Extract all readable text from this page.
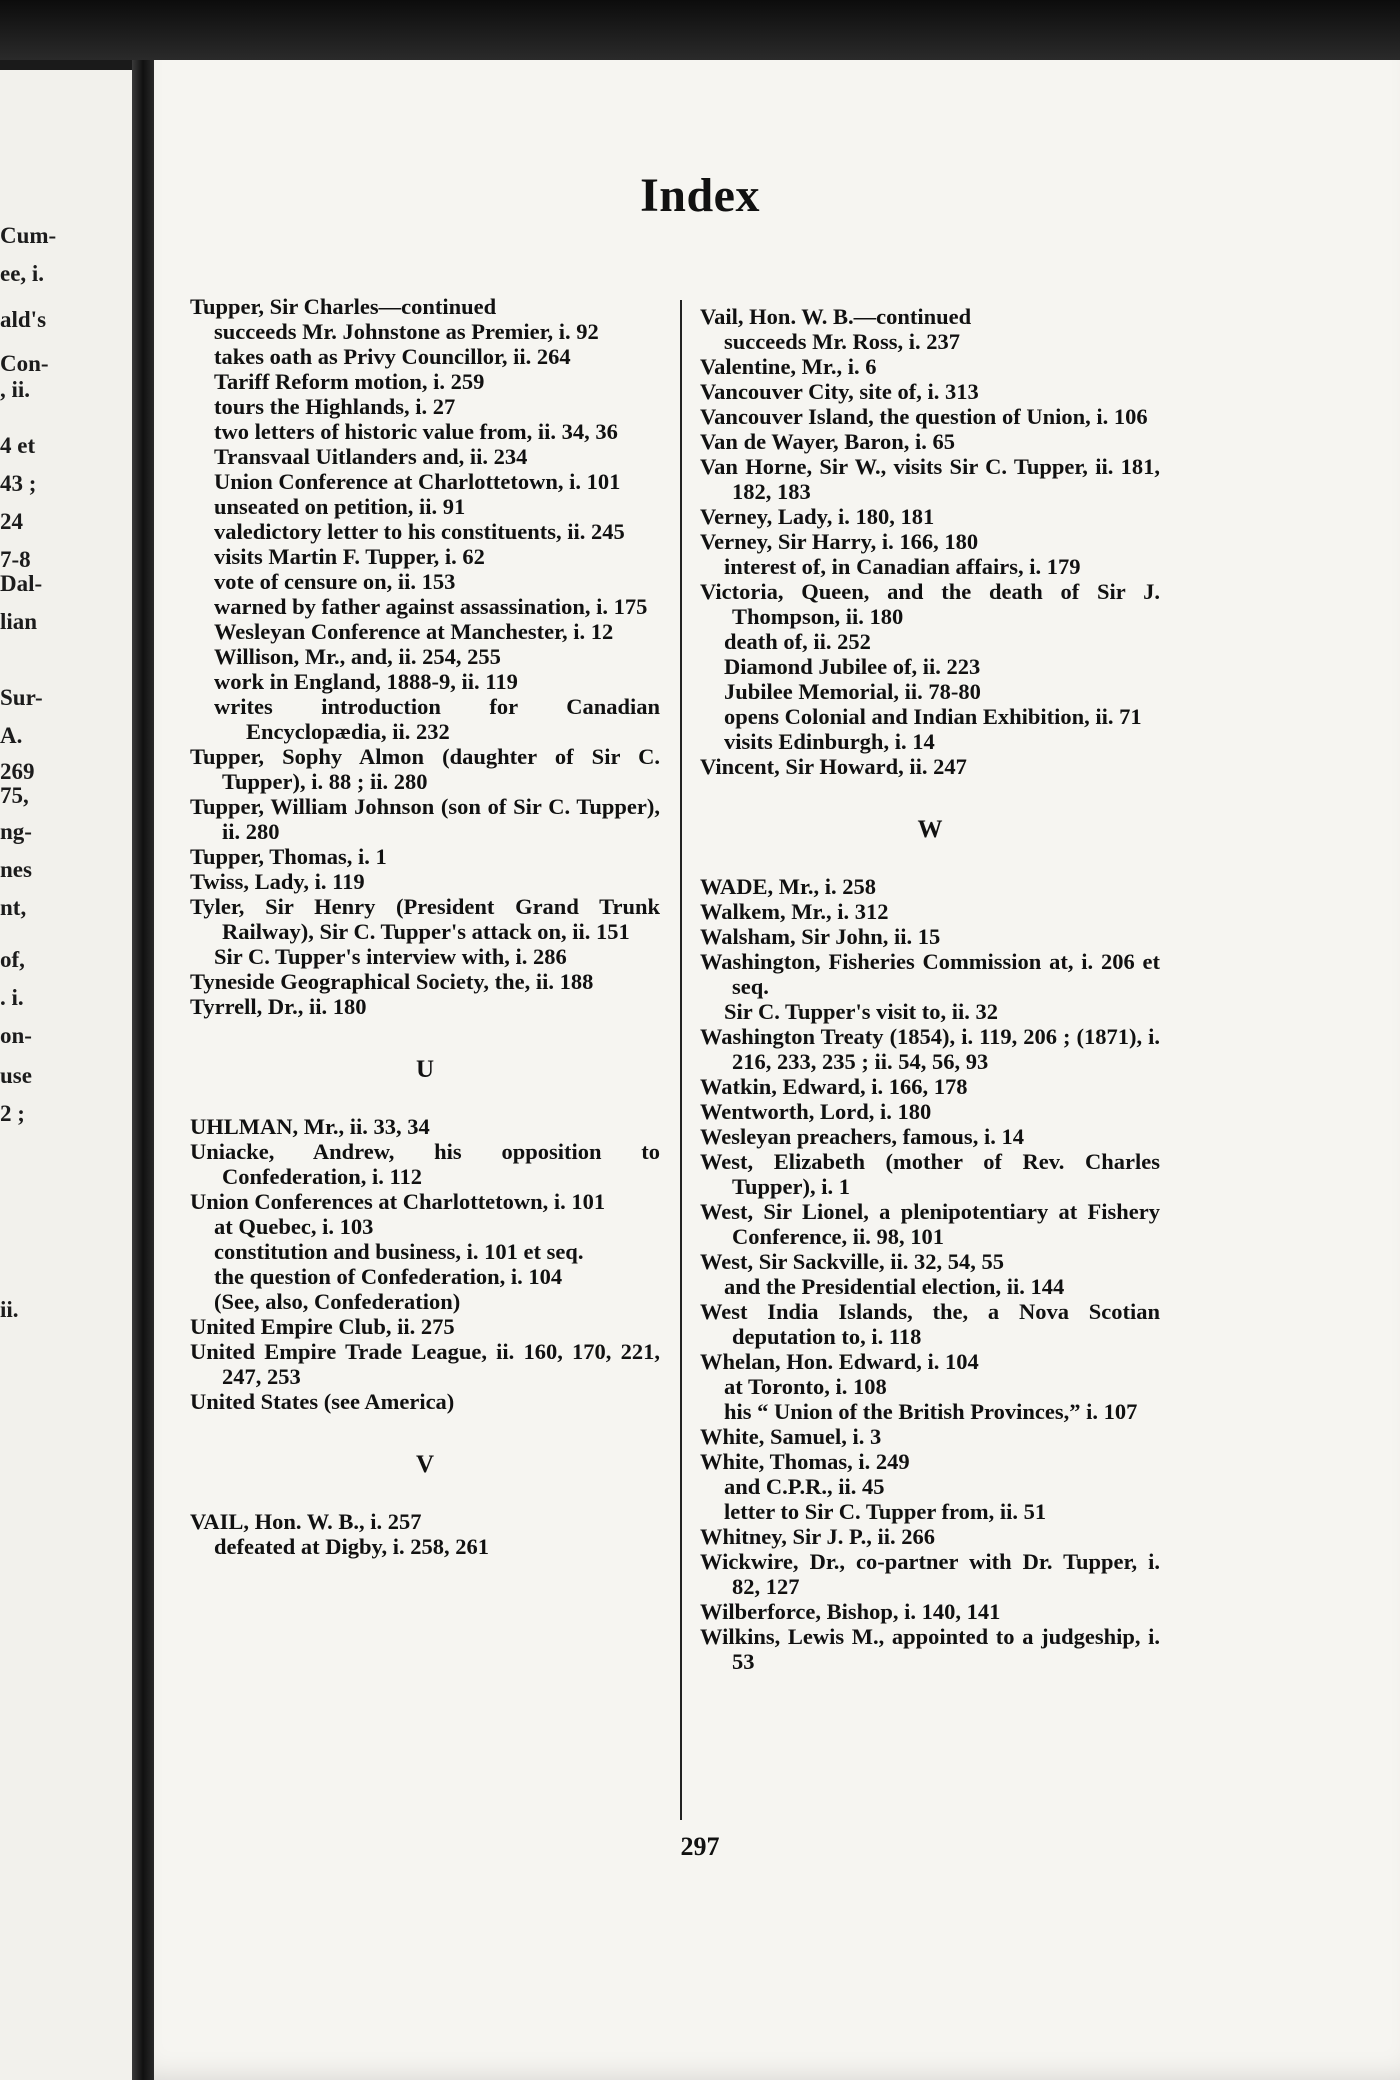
Cum-
ee, i.
ald's
Con-
, ii.
4 et
43 ;
24
7-8
Dal-
lian
Sur-
A.
269
75,
ng-
nes
nt,
of,
. i.
on-
use
2 ;
ii.
Index

Tupper, Sir Charles—continued

succeeds Mr. Johnstone as Premier, i. 92

takes oath as Privy Councillor, ii. 264

Tariff Reform motion, i. 259

tours the Highlands, i. 27

two letters of historic value from, ii. 34, 36

Transvaal Uitlanders and, ii. 234

Union Conference at Charlottetown, i. 101

unseated on petition, ii. 91

valedictory letter to his constituents, ii. 245

visits Martin F. Tupper, i. 62

vote of censure on, ii. 153

warned by father against assassination, i. 175

Wesleyan Conference at Manchester, i. 12

Willison, Mr., and, ii. 254, 255

work in England, 1888-9, ii. 119

writes introduction for Canadian Encyclopædia, ii. 232

Tupper, Sophy Almon (daughter of Sir C. Tupper), i. 88 ; ii. 280

Tupper, William Johnson (son of Sir C. Tupper), ii. 280

Tupper, Thomas, i. 1

Twiss, Lady, i. 119

Tyler, Sir Henry (President Grand Trunk Railway), Sir C. Tupper's attack on, ii. 151

Sir C. Tupper's interview with, i. 286

Tyneside Geographical Society, the, ii. 188

Tyrrell, Dr., ii. 180

U

UHLMAN, Mr., ii. 33, 34

Uniacke, Andrew, his opposition to Confederation, i. 112

Union Conferences at Charlottetown, i. 101

at Quebec, i. 103

constitution and business, i. 101 et seq.

the question of Confederation, i. 104

(See, also, Confederation)

United Empire Club, ii. 275

United Empire Trade League, ii. 160, 170, 221, 247, 253

United States (see America)

V

VAIL, Hon. W. B., i. 257

defeated at Digby, i. 258, 261

Vail, Hon. W. B.—continued

succeeds Mr. Ross, i. 237

Valentine, Mr., i. 6

Vancouver City, site of, i. 313

Vancouver Island, the question of Union, i. 106

Van de Wayer, Baron, i. 65

Van Horne, Sir W., visits Sir C. Tupper, ii. 181, 182, 183

Verney, Lady, i. 180, 181

Verney, Sir Harry, i. 166, 180

interest of, in Canadian affairs, i. 179

Victoria, Queen, and the death of Sir J. Thompson, ii. 180

death of, ii. 252

Diamond Jubilee of, ii. 223

Jubilee Memorial, ii. 78-80

opens Colonial and Indian Exhibition, ii. 71

visits Edinburgh, i. 14

Vincent, Sir Howard, ii. 247

W

WADE, Mr., i. 258

Walkem, Mr., i. 312

Walsham, Sir John, ii. 15

Washington, Fisheries Commission at, i. 206 et seq.

Sir C. Tupper's visit to, ii. 32

Washington Treaty (1854), i. 119, 206 ; (1871), i. 216, 233, 235 ; ii. 54, 56, 93

Watkin, Edward, i. 166, 178

Wentworth, Lord, i. 180

Wesleyan preachers, famous, i. 14

West, Elizabeth (mother of Rev. Charles Tupper), i. 1

West, Sir Lionel, a plenipotentiary at Fishery Conference, ii. 98, 101

West, Sir Sackville, ii. 32, 54, 55

and the Presidential election, ii. 144

West India Islands, the, a Nova Scotian deputation to, i. 118

Whelan, Hon. Edward, i. 104

at Toronto, i. 108

his “ Union of the British Provinces,” i. 107

White, Samuel, i. 3

White, Thomas, i. 249

and C.P.R., ii. 45

letter to Sir C. Tupper from, ii. 51

Whitney, Sir J. P., ii. 266

Wickwire, Dr., co-partner with Dr. Tupper, i. 82, 127

Wilberforce, Bishop, i. 140, 141

Wilkins, Lewis M., appointed to a judgeship, i. 53

297
